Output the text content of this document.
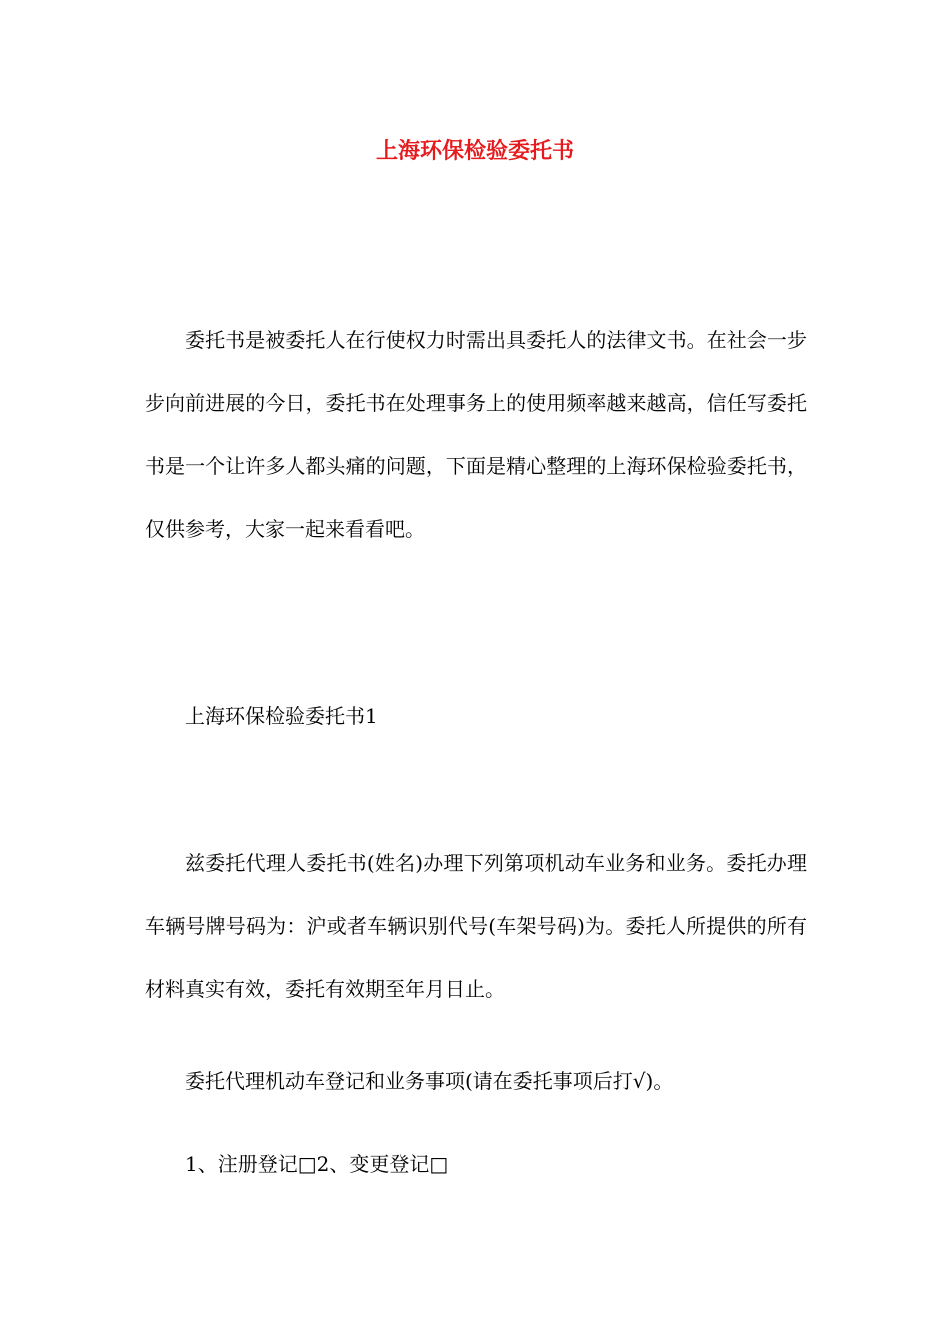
上海环保检验委托书

委托书是被委托人在行使权力时需出具委托人的法律文书。在社会一步步向前进展的今日，委托书在处理事务上的使用频率越来越高，信任写委托书是一个让许多人都头痛的问题，下面是精心整理的上海环保检验委托书，仅供参考，大家一起来看看吧。

上海环保检验委托书1

兹委托代理人委托书(姓名)办理下列第项机动车业务和业务。委托办理车辆号牌号码为：沪或者车辆识别代号(车架号码)为。委托人所提供的所有材料真实有效，委托有效期至年月日止。

委托代理机动车登记和业务事项(请在委托事项后打√)。

1、注册登记□2、变更登记□
